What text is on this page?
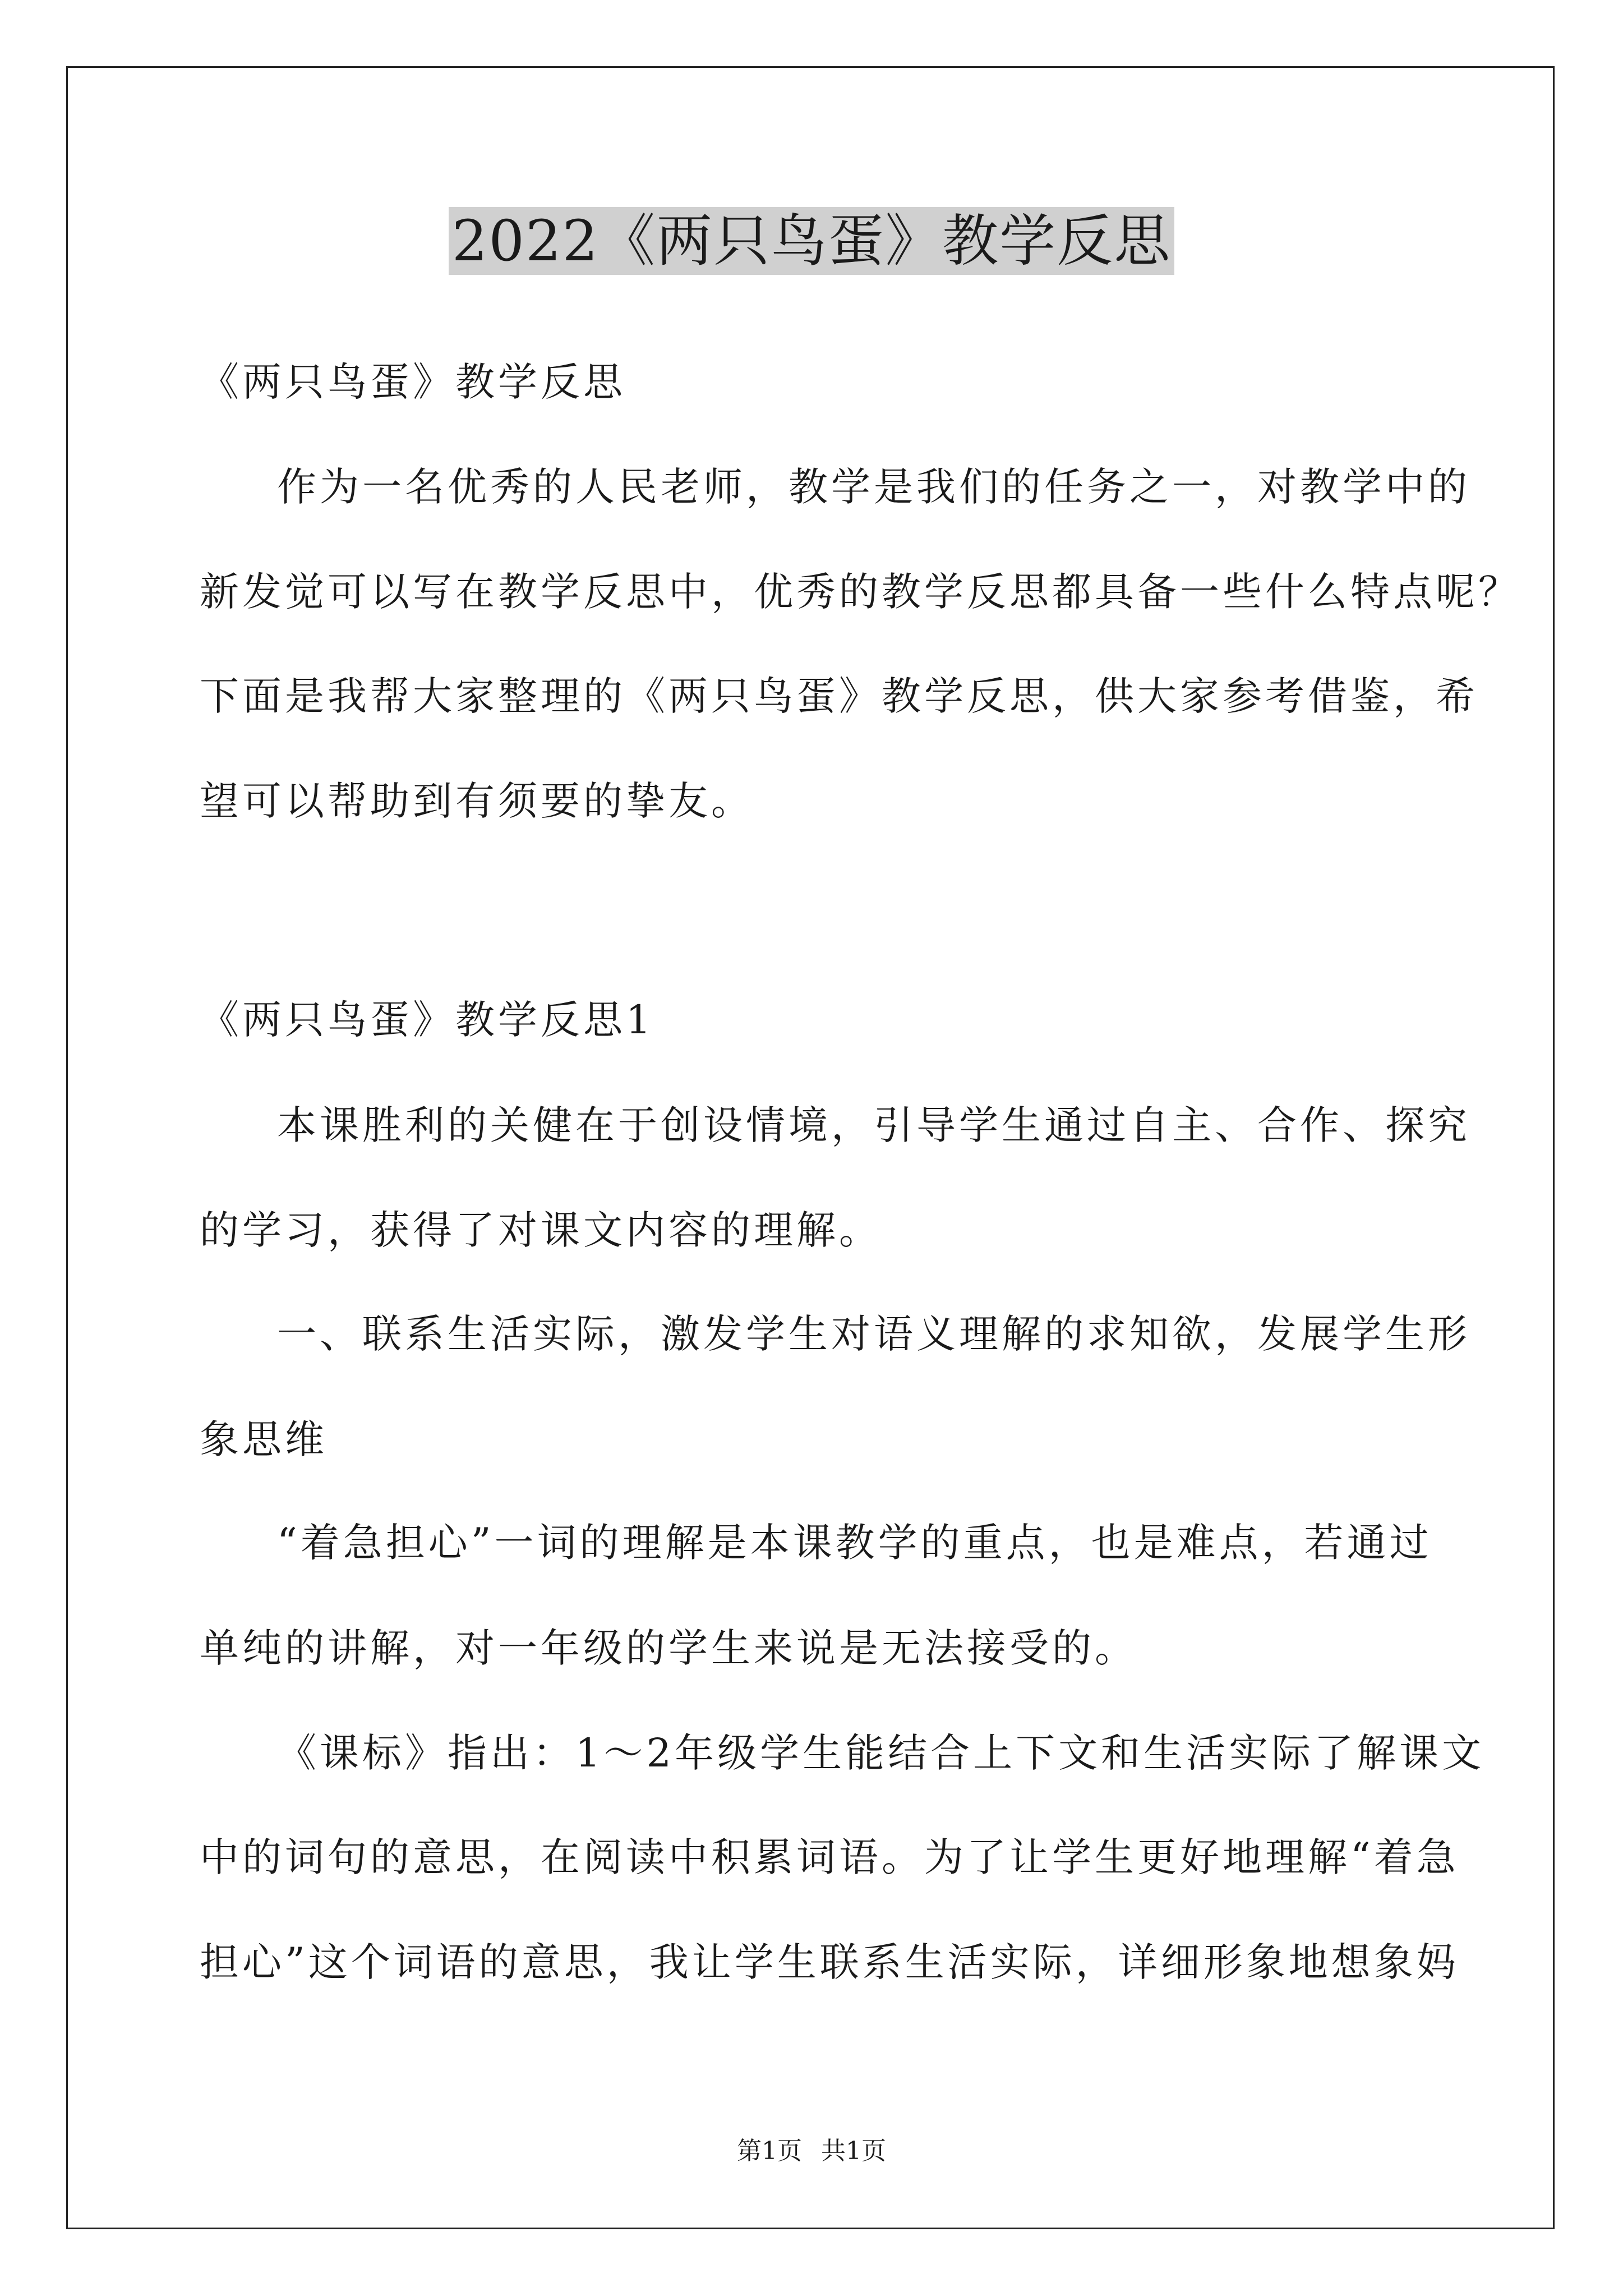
2022《两只鸟蛋》教学反思
《两只鸟蛋》教学反思
作为一名优秀的人民老师，教学是我们的任务之一，对教学中的
新发觉可以写在教学反思中，优秀的教学反思都具备一些什么特点呢？
下面是我帮大家整理的《两只鸟蛋》教学反思，供大家参考借鉴，希
望可以帮助到有须要的挚友。
《两只鸟蛋》教学反思1
本课胜利的关健在于创设情境，引导学生通过自主、合作、探究
的学习，获得了对课文内容的理解。
一、联系生活实际，激发学生对语义理解的求知欲，发展学生形
象思维
“着急担心”一词的理解是本课教学的重点，也是难点，若通过
单纯的讲解，对一年级的学生来说是无法接受的。
《课标》指出：1～2年级学生能结合上下文和生活实际了解课文
中的词句的意思，在阅读中积累词语。为了让学生更好地理解“着急
担心”这个词语的意思，我让学生联系生活实际，详细形象地想象妈
第1页 共1页
